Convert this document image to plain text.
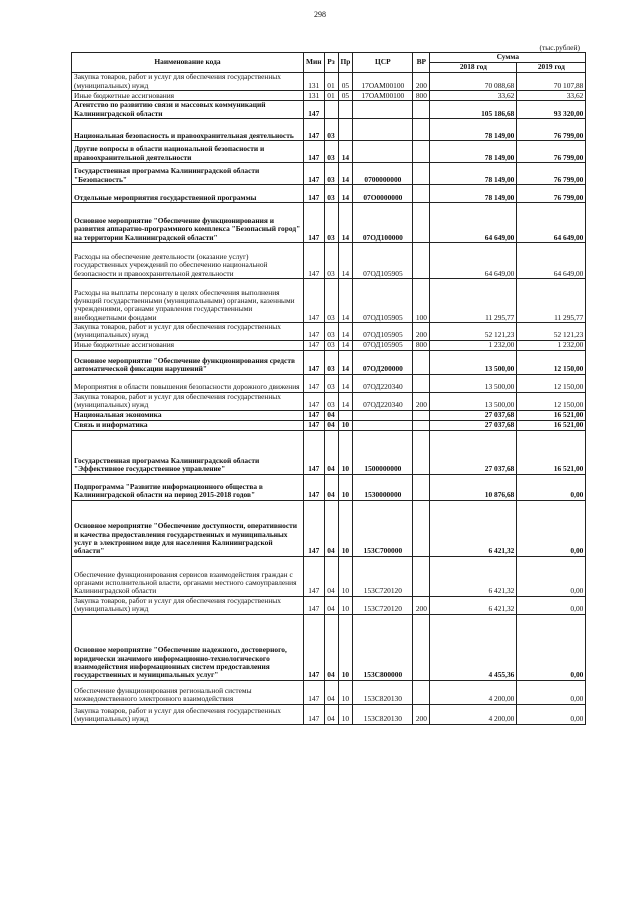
298
(тыс.рублей)
Наименование кода	Мин	Рз	Пр	ЦСР	ВР	Сумма	
						2018 год	2019 год
Закупка товаров, работ и услуг для обеспечения государственных (муниципальных) нужд	131	01	05	17ОАМ00100	200	70 088,68	70 107,88
Иные бюджетные ассигнования	131	01	05	17ОАМ00100	800	33,62	33,62
Агентство по развитию связи и массовых коммуникаций Калининградской области	147					105 186,68	93 320,00
Национальная безопасность и правоохранительная деятельность	147	03				78 149,00	76 799,00
Другие вопросы в области национальной безопасности и правоохранительной деятельности	147	03	14			78 149,00	76 799,00
Государственная программа Калининградской области "Безопасность"	147	03	14	0700000000		78 149,00	76 799,00
Отдельные мероприятия государственной программы	147	03	14	07О0000000		78 149,00	76 799,00
Основное мероприятие "Обеспечение функционирования и развития аппаратно-программного комплекса "Безопасный город" на территории Калининградской области"	147	03	14	07ОД100000		64 649,00	64 649,00
Расходы на обеспечение деятельности (оказание услуг) государственных учреждений по обеспечению национальной безопасности и правоохранительной деятельности	147	03	14	07ОД105905		64 649,00	64 649,00
Расходы на выплаты персоналу в целях обеспечения выполнения функций государственными (муниципальными) органами, казенными учреждениями, органами управления государственными внебюджетными фондами	147	03	14	07ОД105905	100	11 295,77	11 295,77
Закупка товаров, работ и услуг для обеспечения государственных (муниципальных) нужд	147	03	14	07ОД105905	200	52 121,23	52 121,23
Иные бюджетные ассигнования	147	03	14	07ОД105905	800	1 232,00	1 232,00
Основное мероприятие "Обеспечение функционирования средств автоматической фиксации нарушений"	147	03	14	07ОД200000		13 500,00	12 150,00
Мероприятия в области повышения безопасности дорожного движения	147	03	14	07ОД220340		13 500,00	12 150,00
Закупка товаров, работ и услуг для обеспечения государственных (муниципальных) нужд	147	03	14	07ОД220340	200	13 500,00	12 150,00
Национальная экономика	147	04				27 037,68	16 521,00
Связь и информатика	147	04	10			27 037,68	16 521,00
Государственная программа Калининградской области "Эффективное государственное управление"	147	04	10	1500000000		27 037,68	16 521,00
Подпрограмма "Развитие информационного общества в Калининградской области на период 2015-2018 годов"	147	04	10	1530000000		10 876,68	0,00
Основное мероприятие "Обеспечение доступности, оперативности и качества предоставления государственных и муниципальных услуг в электронном виде для населения Калининградской области"	147	04	10	153С700000		6 421,32	0,00
Обеспечение функционирования сервисов взаимодействия граждан с органами исполнительной власти, органами местного самоуправления Калининградской области	147	04	10	153С720120		6 421,32	0,00
Закупка товаров, работ и услуг для обеспечения государственных (муниципальных) нужд	147	04	10	153С720120	200	6 421,32	0,00
Основное мероприятие "Обеспечение надежного, достоверного, юридически значимого информационно-технологического взаимодействия информационных систем предоставления государственных и муниципальных услуг"	147	04	10	153С800000		4 455,36	0,00
Обеспечение функционирования региональной системы межведомственного электронного взаимодействия	147	04	10	153С820130		4 200,00	0,00
Закупка товаров, работ и услуг для обеспечения государственных (муниципальных) нужд	147	04	10	153С820130	200	4 200,00	0,00
